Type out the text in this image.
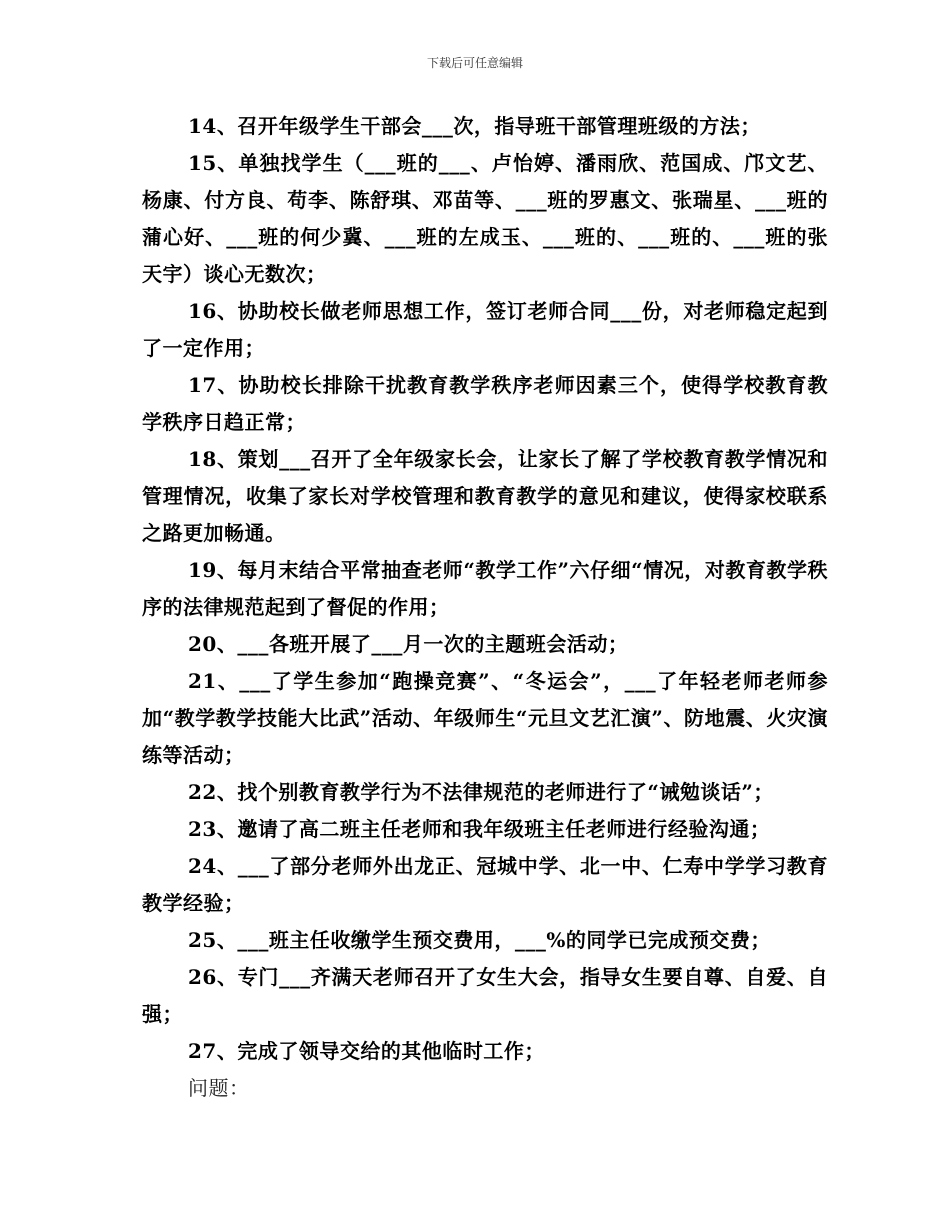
下载后可任意编辑

14、召开年级学生干部会___次，指导班干部管理班级的方法；

15、单独找学生（___班的___、卢怡婷、潘雨欣、范国成、邝文艺、杨康、付方良、苟李、陈舒琪、邓苗等、___班的罗惠文、张瑞星、___班的蒲心好、___班的何少冀、___班的左成玉、___班的、___班的、___班的张天宇）谈心无数次；

16、协助校长做老师思想工作，签订老师合同___份，对老师稳定起到了一定作用；

17、协助校长排除干扰教育教学秩序老师因素三个，使得学校教育教学秩序日趋正常；

18、策划___召开了全年级家长会，让家长了解了学校教育教学情况和管理情况，收集了家长对学校管理和教育教学的意见和建议，使得家校联系之路更加畅通。

19、每月末结合平常抽查老师“教学工作”六仔细“情况，对教育教学秩序的法律规范起到了督促的作用；

20、___各班开展了___月一次的主题班会活动；

21、___了学生参加“跑操竞赛”、“冬运会”，___了年轻老师老师参加“教学教学技能大比武”活动、年级师生“元旦文艺汇演”、防地震、火灾演练等活动；

22、找个别教育教学行为不法律规范的老师进行了“诫勉谈话”；

23、邀请了高二班主任老师和我年级班主任老师进行经验沟通；

24、___了部分老师外出龙正、冠城中学、北一中、仁寿中学学习教育教学经验；

25、___班主任收缴学生预交费用，___%的同学已完成预交费；

26、专门___齐满天老师召开了女生大会，指导女生要自尊、自爱、自强；

27、完成了领导交给的其他临时工作；

问题：
